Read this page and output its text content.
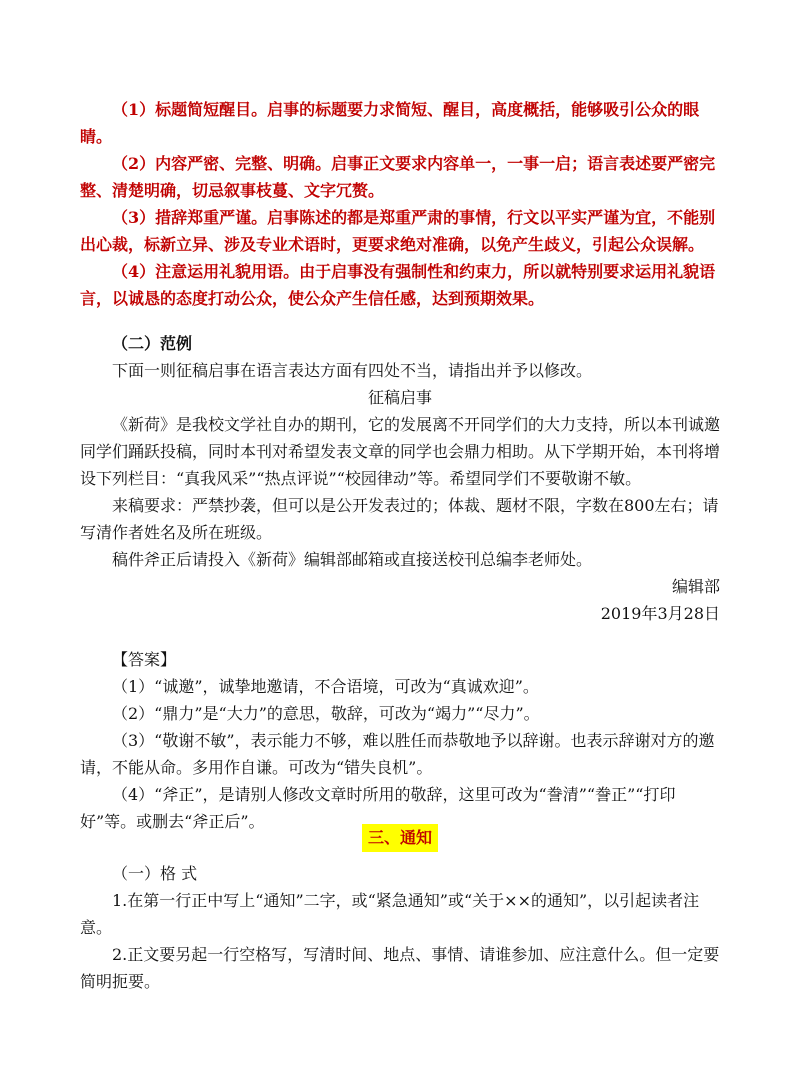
（1）标题简短醒目。启事的标题要力求简短、醒目，高度概括，能够吸引公众的眼睛。

（2）内容严密、完整、明确。启事正文要求内容单一，一事一启；语言表述要严密完整、清楚明确，切忌叙事枝蔓、文字冗赘。

（3）措辞郑重严谨。启事陈述的都是郑重严肃的事情，行文以平实严谨为宜，不能别出心裁，标新立异、涉及专业术语时，更要求绝对准确，以免产生歧义，引起公众误解。

（4）注意运用礼貌用语。由于启事没有强制性和约束力，所以就特别要求运用礼貌语言，以诚恳的态度打动公众，使公众产生信任感，达到预期效果。

（二）范例

下面一则征稿启事在语言表达方面有四处不当，请指出并予以修改。

征稿启事

《新荷》是我校文学社自办的期刊，它的发展离不开同学们的大力支持，所以本刊诚邀同学们踊跃投稿，同时本刊对希望发表文章的同学也会鼎力相助。从下学期开始，本刊将增设下列栏目：“真我风采”“热点评说”“校园律动”等。希望同学们不要敬谢不敏。

来稿要求：严禁抄袭，但可以是公开发表过的；体裁、题材不限，字数在800左右；请写清作者姓名及所在班级。

稿件斧正后请投入《新荷》编辑部邮箱或直接送校刊总编李老师处。

编辑部

2019年3月28日

【答案】

（1）“诚邀”，诚挚地邀请，不合语境，可改为“真诚欢迎”。

（2）“鼎力”是“大力”的意思，敬辞，可改为“竭力”“尽力”。

（3）“敬谢不敏”，表示能力不够，难以胜任而恭敬地予以辞谢。也表示辞谢对方的邀请，不能从命。多用作自谦。可改为“错失良机”。

（4）“斧正”，是请别人修改文章时所用的敬辞，这里可改为“誊清”“誊正”“打印好”等。或删去“斧正后”。

三、通知

（一）格 式

1.在第一行正中写上“通知”二字，或“紧急通知”或“关于××的通知”，以引起读者注意。

2.正文要另起一行空格写，写清时间、地点、事情、请谁参加、应注意什么。但一定要简明扼要。
